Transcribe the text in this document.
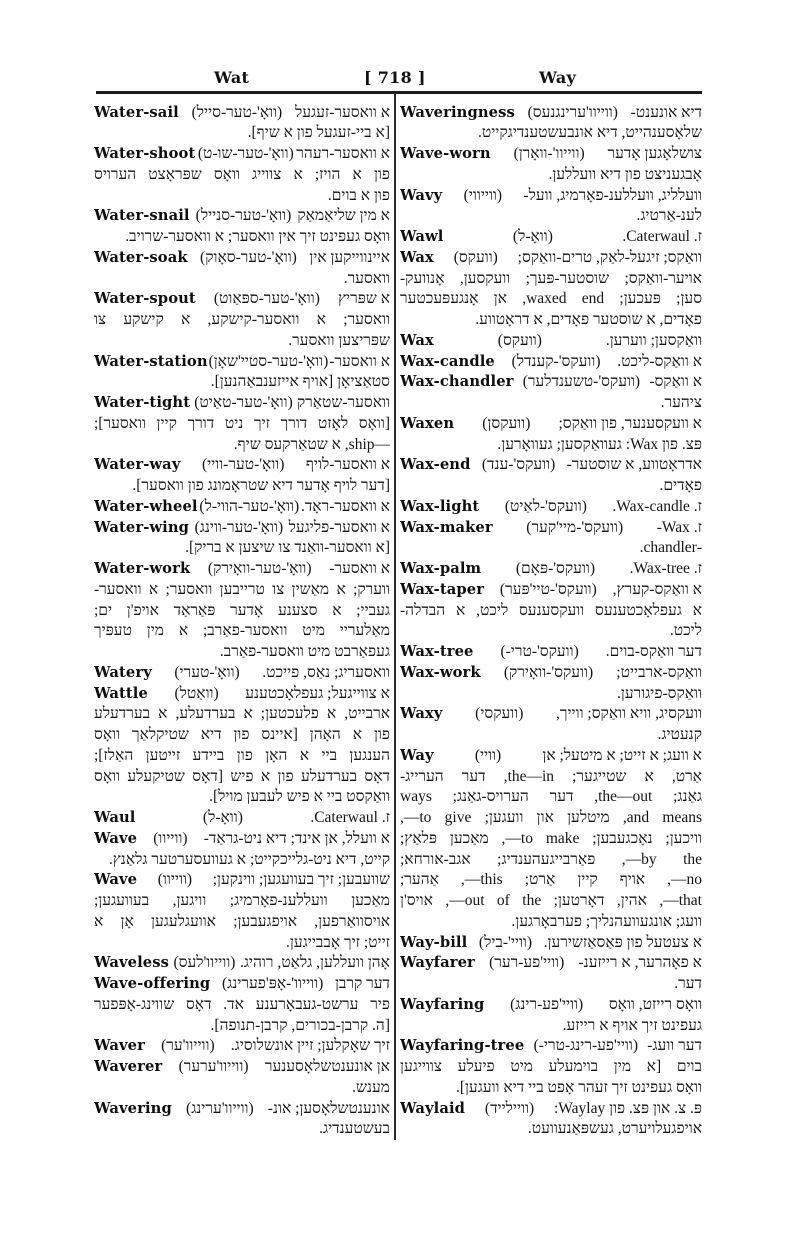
Wat	[ 718 ]	Way
Water-sail (וואָ'-טער-סייל) א וואסער-זעגעל
[א ביי-זעגעל פון א שיף].
Water-shoot (וואָ'-טער-שו-ט) א וואסער-רעהר
פון א הויז; א צווייג וואָס שפּראָצט הערויס
פון א בוים.
Water-snail (וואָ'-טער-סנייל) א מין שליאַמאַק
וואָס געפינט זיך אין וואסער; א וואסער-שרויב.
Water-soak (וואָ'-טער-סאָוק) איינווייקען אין
וואסער.
Water-spout (וואָ'-טער-ספּאַוט) א שפּריץ
וואסער; א וואסער-קישקע, א קישקע צו
שפּריצען וואסער.
Water-station (וואָ'-טער-סטיי'שאָן) א וואסער-
סטאַציאָן [אויף אייזענבאַהנען].
Water-tight (וואָ'-טער-טאַיט) וואסער-שטאַרק
[וואָס לאָזט דורך זיך ניט דורך קיין וואסער];
—ship, א שטאַרקעס שיף.
Water-way (וואָ'-טער-וויי) א וואסער-לויף
[דער לויף אָדער דיא שטראָמונג פון וואסער].
Water-wheel (וואָ'-טער-הווי-ל) א וואסער-ראָד.
Water-wing (וואָ'-טער-ווינג) א וואסער-פליגעל
[א וואסער-וואַנד צו שיצען א בריק].
Water-work (וואָ'-טער-וואָירק) א וואסער-
ווערק; א מאַשין צו טרייבען וואסער; א וואסער-
געביי; א סצענע אָדער פּאַראַד אויפ'ן ים;
מאַלעריי מיט וואסער-פאַרב; א מין טעפּיך
געפאַרבט מיט וואסער-פאַרב.
Watery (וואָ'-טערי) וואסעריג; נאַס, פייכט.
Wattle (וואַטל) א צווייגעל; געפלאָכטענע
ארבייט, א פלעכטען; א בערדעלע, א בערדעלע
פון א האָהן [איינס פון דיא שטיקלאַך וואָס
הענגען ביי א האָן פון ביידע זייטען האַלז];
דאָס בערדעלע פון א פיש [דאָס שטיקעלע וואָס
וואַקסט ביי א פיש לעבען מויל].
Waul	(וואָ-ל)	ז. Caterwaul.
Wave (ווייוו) א וועלל, אן אינד; דיא ניט-גראַד-
קייט, דיא ניט-גלייכקייט; א געוועסערטער גלאַנץ.
Wave (ווייוו) שוועבען; זיך בעוועגען; ווינקען;
מאַכען וועללענ-פאָרמיג; וויגען, בעוועגען;
אויסוואַרפען, אויפגעבען; אוועגלעגען אָן א
זייט; זיך אָבבייגען.
Waveless (ווייוו'לעס) אָהן וועללען, גלאַט, רוהיג.
Wave-offering (ווייוו'-אָפּ'פערינג) דער קרבן
פיר ערשט-געבאָרענע אד. דאָס שווינג-אָפּפער
[ה. קרבן-בכורים, קרבן-תנופה].
Waver (ווייוו'ער) זיך שאָקלען; זיין אונשלוסיג.
Waverer (ווייוו'ערער) אן אונענטשלאָסענער
מענש.
Wavering (ווייוו'ערינג) אונענטשלאָסען; אונ-
בעשטענדיג.
Waveringness (ווייוו'ערינגנעס) דיא אונענט-
שלאָסענהייט, דיא אונבעשטענדיגקייט.
Wave-worn (ווייוו'-וואָרן) צושלאָגען אָדער
אָבגעניצט פון דיא וועללען.
Wavy (ווייווי) וועלליג, וועללענ-פאָרמיג, וועל-
לענ-אַרטיג.
Wawl	(וואָ-ל)	ז. Caterwaul.
Wax (וועקס) וואַקס; זיגעל-לאַק, טרים-וואַקס;
אויער-וואַקס; שוסטער-פּעך; וועקסען, אָנוועק-
סען; פּעכען; waxed end, אן אָנגעפּעכטער
פאָדים, א שוסטער פאָדים, א דראָטווע.
Wax	(וועקס)	וואַקסען; ווערען.
Wax-candle (וועקס'-קענדל) א וואַקס-ליכט.
Wax-chandler (וועקס'-טשענדלער) א וואַקס-
ציהער.
Waxen (וועקסן) א וועקסענער, פון וואַקס;
פּצ. פון Wax: געוואַקסען; געוואָרען.
Wax-end (וועקס'-ענד) אדראָטווע, א שוסטער-
פאָדים.
Wax-light (וועקס'-לאַיט) ז. Wax-candle.
Wax-maker (וועקס'-מיי'קער) ז. Wax-
-chandler.
Wax-palm (וועקס'-פּאָם) ז. Wax-tree.
Wax-taper (וועקס'-טיי'פּער) א וואַקס-קערץ,
א געפלאָכטענעס וועקסענעס ליכט, א הבדלה-
ליכט.
Wax-tree (וועקס'-טרי-) דער וואַקס-בוים.
Wax-work (וועקס'-וואָירק) וואַקס-ארבייט;
וואַקס-פיגורען.
Waxy (וועקסי) וועקסיג, וויא וואַקס; ווייך,
קנעטיג.
Way	(וויי)	א וועג; א זייט; א מיטעל; אן
אַרט, א שטייגער; the—in, דער הערייג-
גאַנג; the—out, דער הערויס-גאַנג; ways
and means, מיטלען און וועגען; to give—,
וויכען; נאָכגעבען; to make—, מאַכען פּלאַץ;
by the—, פאַרבייגעהענדיג; אגב-אורחא;
no—, אויף קיין אַרט; this—, אַהער;
that—, אהין, דאָרטען; out of the—, אויס'ן
וועג; אונגעוועהנליך; פערבאָרגען.
Way-bill (וויי'-ביל) א צעטעל פון פּאַסאַזשירען.
Wayfarer (וויי'פע-רער) א פאָהרער, א רייזענ-
דער.
Wayfaring (וויי'פע-רינג) וואָס רייזט, וואָס
געפינט זיך אויף א רייזע.
Wayfaring-tree (וויי'פע-רינג-טרי-) דער וועג-
בוים [א מין בוימעלע מיט פיעלע צווייגען
וואָס געפינט זיך זעהר אָפט ביי דיא וועגען].
Waylaid (וויילייד) פּ. צ. און פּצ. פון Waylay:
אויפגעלויערט, געשפּאַנעוועט.
